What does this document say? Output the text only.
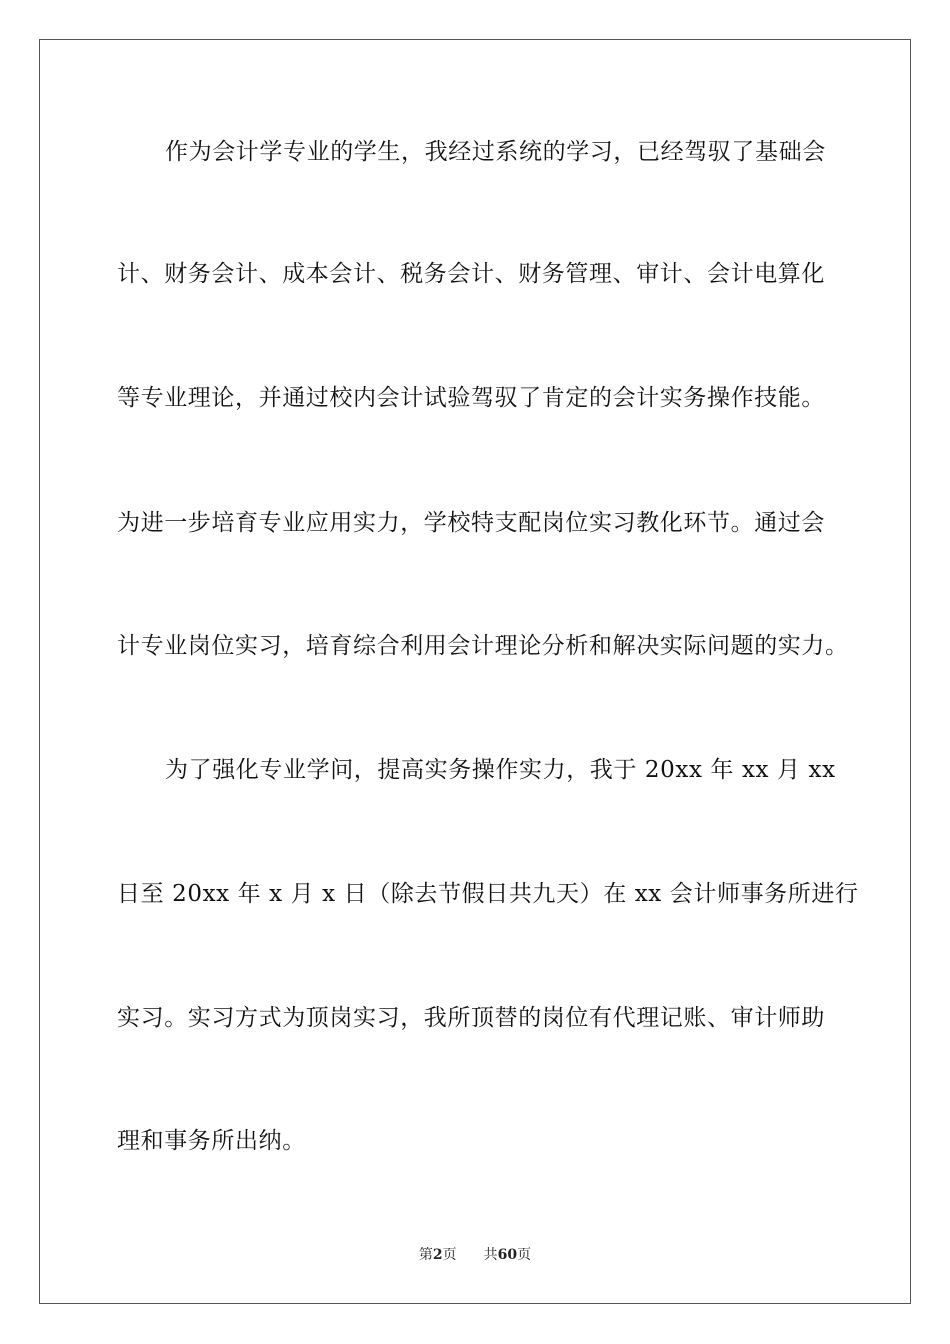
作为会计学专业的学生，我经过系统的学习，已经驾驭了基础会
计、财务会计、成本会计、税务会计、财务管理、审计、会计电算化
等专业理论，并通过校内会计试验驾驭了肯定的会计实务操作技能。
为进一步培育专业应用实力，学校特支配岗位实习教化环节。通过会
计专业岗位实习，培育综合利用会计理论分析和解决实际问题的实力。
为了强化专业学问，提高实务操作实力，我于 20xx 年 xx 月 xx
日至 20xx 年 x 月 x 日（除去节假日共九天）在 xx 会计师事务所进行
实习。实习方式为顶岗实习，我所顶替的岗位有代理记账、审计师助
理和事务所出纳。
第2页 共60页
